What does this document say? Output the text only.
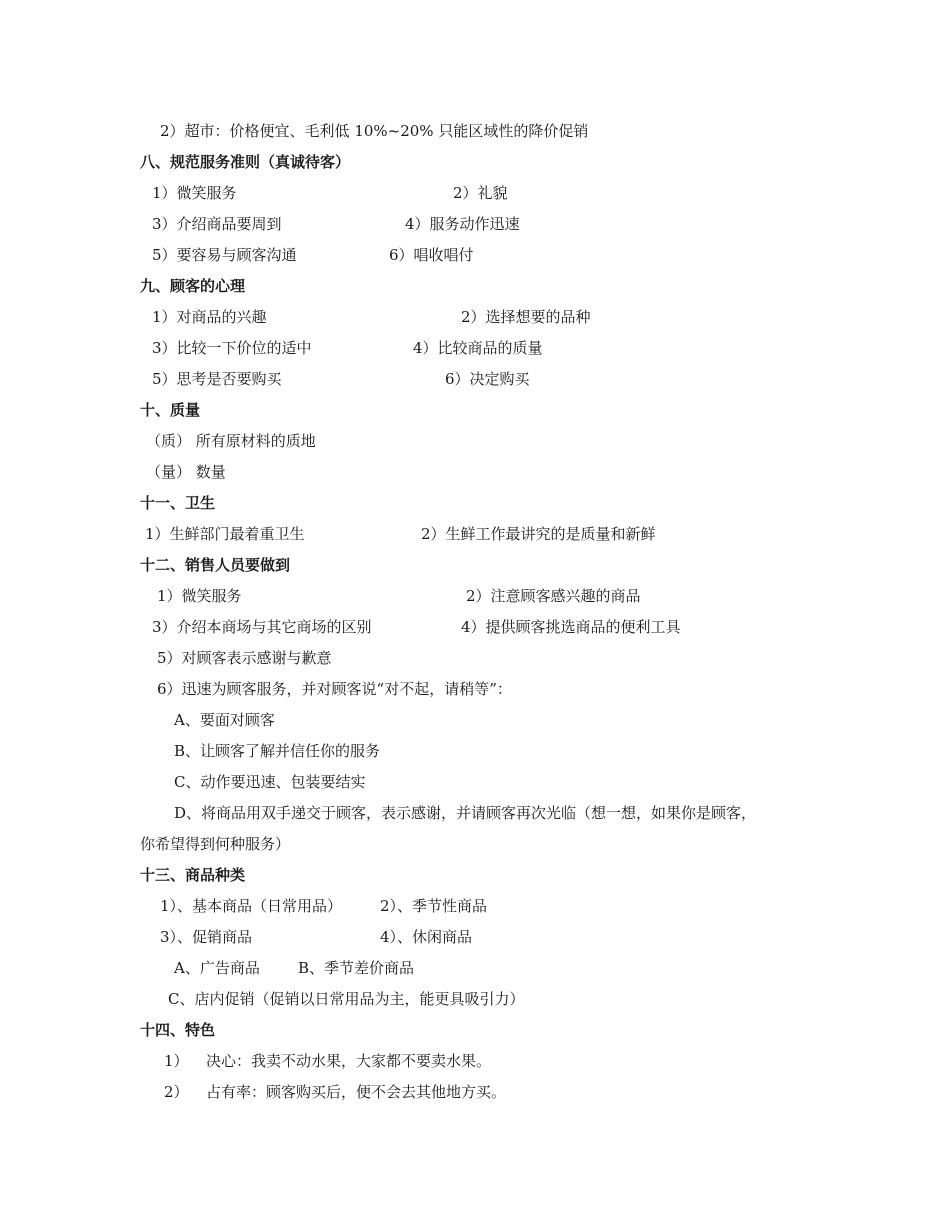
2）超市：价格便宜、毛利低 10%~20% 只能区域性的降价促销
八、规范服务准则（真诚待客）
1）微笑服务	2）礼貌
3）介绍商品要周到	4）服务动作迅速
5）要容易与顾客沟通	6）唱收唱付
九、顾客的心理
1）对商品的兴趣	2）选择想要的品种
3）比较一下价位的适中	4）比较商品的质量
5）思考是否要购买	6）决定购买
十、质量
（质） 所有原材料的质地
（量） 数量
十一、卫生
1）生鲜部门最着重卫生	2）生鲜工作最讲究的是质量和新鲜
十二、销售人员要做到
1）微笑服务	2）注意顾客感兴趣的商品
3）介绍本商场与其它商场的区别	4）提供顾客挑选商品的便利工具
5）对顾客表示感谢与歉意
6）迅速为顾客服务，并对顾客说“对不起，请稍等”：
A、要面对顾客
B、让顾客了解并信任你的服务
C、动作要迅速、包装要结实
D、将商品用双手递交于顾客，表示感谢，并请顾客再次光临（想一想，如果你是顾客，
你希望得到何种服务）
十三、商品种类
1）、基本商品（日常用品）	2）、季节性商品
3）、促销商品	4）、休闲商品
A、广告商品	B、季节差价商品
C、店内促销（促销以日常用品为主，能更具吸引力）
十四、特色
1） 决心：我卖不动水果，大家都不要卖水果。
2） 占有率：顾客购买后，便不会去其他地方买。
